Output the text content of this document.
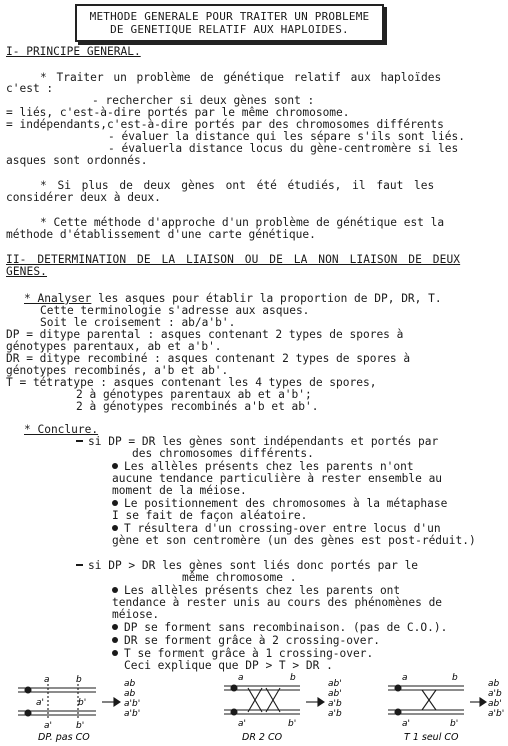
METHODE GENERALE POUR TRAITER UN PROBLEME
DE GENETIQUE RELATIF AUX HAPLOIDES.
I- PRINCIPE GENERAL.
* Traiter un problème de génétique relatif aux haploïdes
c'est :
- rechercher si deux gènes sont :
= liés, c'est-à-dire portés par le même chromosome.
= indépendants,c'est-à-dire portés par des chromosomes différents
- évaluer la distance qui les sépare s'ils sont liés.
- évaluerla distance locus du gène-centromère si les
asques sont ordonnés.
* Si plus de deux gènes ont été étudiés, il faut les
considérer deux à deux.
* Cette méthode d'approche d'un problème de génétique est la
méthode d'établissement d'une carte génétique.
II- DETERMINATION DE LA LIAISON OU DE LA NON LIAISON DE DEUX
GENES.
* Analyser les asques pour établir la proportion de DP, DR, T.
Cette terminologie s'adresse aux asques.
Soit le croisement : ab/a'b'.
DP = ditype parental : asques contenant 2 types de spores à
génotypes parentaux, ab et a'b'.
DR = ditype recombiné : asques contenant 2 types de spores à
génotypes recombinés, a'b et ab'.
T = tétratype : asques contenant les 4 types de spores,
2 à génotypes parentaux ab et a'b';
2 à génotypes recombinés a'b et ab'.
* Conclure.
si DP = DR les gènes sont indépendants et portés par
des chromosomes différents.
Les allèles présents chez les parents n'ont
aucune tendance particulière à rester ensemble au
moment de la méiose.
Le positionnement des chromosomes à la métaphase
I se fait de façon aléatoire.
T résultera d'un crossing-over entre locus d'un
gène et son centromère (un des gènes est post-réduit.)
si DP > DR les gènes sont liés donc portés par le
même chromosome .
Les allèles présents chez les parents ont
tendance à rester unis au cours des phénomènes de
méiose.
DP se forment sans recombinaison. (pas de C.O.).
DR se forment grâce à 2 crossing-over.
T se forment grâce à 1 crossing-over.
Ceci explique que DP > T > DR .
a	b
a'	b'
a'	b'
ab
ab
a'b'
a'b'
DP. pas CO
a	b
a'	b'
ab'
ab'
a'b
a'b
DR 2 CO
a	b
a'	b'
ab
a'b
ab'
a'b'
T 1 seul CO
